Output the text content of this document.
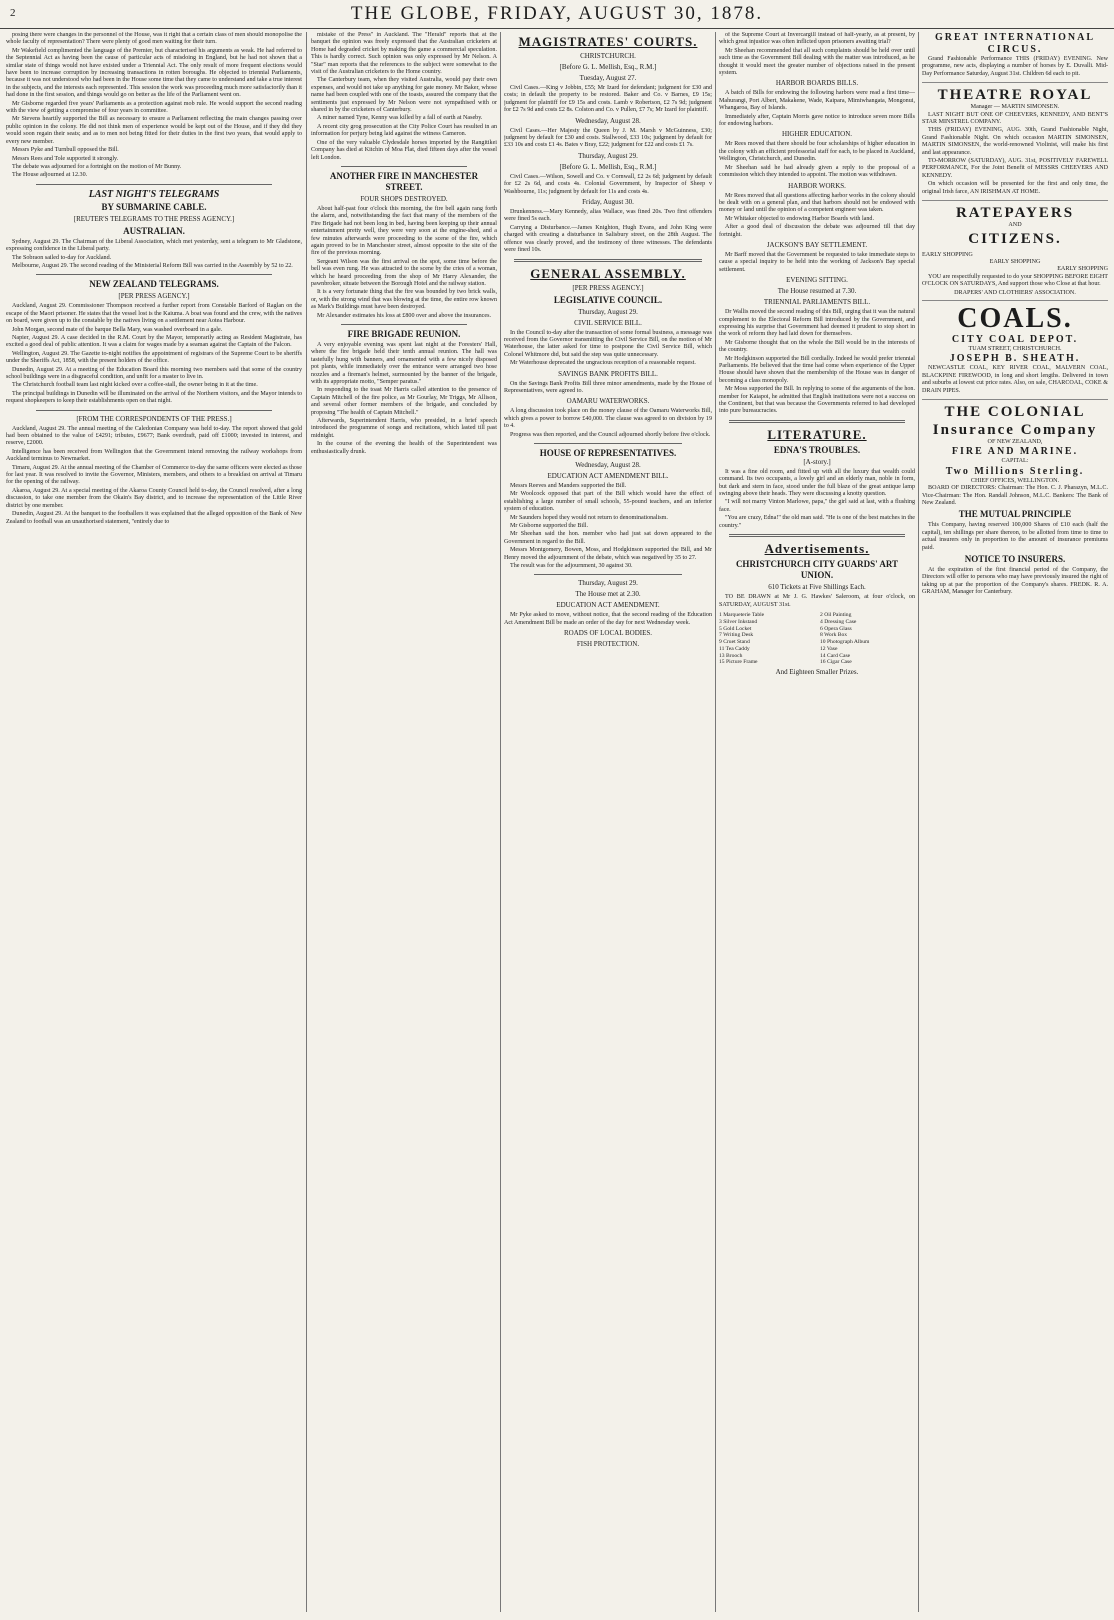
2	THE GLOBE, FRIDAY, AUGUST 30, 1878.

posing there were changes in the personnel of the House, was it right that a certain class of men should monopolise the whole faculty of representation? There were plenty of good men waiting for their turn.

Mr Wakefield complimented the language of the Premier, but characterised his arguments as weak. He had referred to the Septennial Act as having been the cause of particular acts of misdoing in England, but he had not shown that a similar state of things would not have existed under a Triennial Act. The only result of more frequent elections would have been to increase corruption by increasing transactions in rotten boroughs. He objected to triennial Parliaments, because it was not understood who had been in the House some time that they came to understand and take a true interest in the subjects, and the interests each represented. This session the work was proceeding much more satisfactorily than it had done in the first session, and things would go on better as the life of the Parliament went on.

Mr Gisborne regarded five years' Parliaments as a protection against mob rule. He would support the second reading with the view of getting a compromise of four years in committee.

Mr Stevens heartily supported the Bill as necessary to ensure a Parliament reflecting the main changes passing over public opinion in the colony. He did not think men of experience would be kept out of the House, and if they did they would soon regain their seats; and as to men not being fitted for their duties in the first two years, that would apply to every new member.

Messrs Pyke and Turnbull opposed the Bill.

Messrs Rees and Tole supported it strongly.

The debate was adjourned for a fortnight on the motion of Mr Bunny.

The House adjourned at 12.30.

LAST NIGHT'S TELEGRAMS
BY SUBMARINE CABLE.
[REUTER'S TELEGRAMS TO THE PRESS AGENCY.]
AUSTRALIAN.

Sydney, August 29. The Chairman of the Liberal Association, which met yesterday, sent a telegram to Mr Gladstone, expressing confidence in the Liberal party.

The Sobraon sailed to-day for Auckland.

Melbourne, August 29. The second reading of the Ministerial Reform Bill was carried in the Assembly by 52 to 22.

NEW ZEALAND TELEGRAMS.
[PER PRESS AGENCY.]

Auckland, August 29. Commissioner Thompson received a further report from Constable Barford of Raglan on the escape of the Maori prisoner. He states that the vessel lost is the Kaiuma. A boat was found and the crew, with the natives on board, were given up to the constable by the natives living on a settlement near Aotea Harbour.

John Morgan, second mate of the barque Bella Mary, was washed overboard in a gale.

Napier, August 29. A case decided in the R.M. Court by the Mayor, temporarily acting as Resident Magistrate, has excited a good deal of public attention. It was a claim for wages made by a seaman against the Captain of the Falcon.

Wellington, August 29. The Gazette to-night notifies the appointment of registrars of the Supreme Court to be sheriffs under the Sheriffs Act, 1858, with the present holders of the office.

Dunedin, August 29. At a meeting of the Education Board this morning two members said that some of the country school buildings were in a disgraceful condition, and unfit for a master to live in.

The Christchurch football team last night kicked over a coffee-stall, the owner being in it at the time.

The principal buildings in Dunedin will be illuminated on the arrival of the Northern visitors, and the Mayor intends to request shopkeepers to keep their establishments open on that night.

[FROM THE CORRESPONDENTS OF THE PRESS.]

Auckland, August 29. The annual meeting of the Caledonian Company was held to-day. The report showed that gold had been obtained to the value of £4291; tributes, £9677; Bank overdraft, paid off £1000; invested in interest, and reserve, £2000.

Intelligence has been received from Wellington that the Government intend removing the railway workshops from Auckland terminus to Newmarket.

Timaru, August 29. At the annual meeting of the Chamber of Commerce to-day the same officers were elected as those for last year. It was resolved to invite the Governor, Ministers, members, and others to a breakfast on arrival at Timaru for the opening of the railway.

Akaroa, August 29. At a special meeting of the Akaroa County Council held to-day, the Council resolved, after a long discussion, to take one member from the Okain's Bay district, and to increase the representation of the Little River district by one member.

Dunedin, August 29. At the banquet to the footballers it was explained that the alleged opposition of the Bank of New Zealand to football was an unauthorised statement, "entirely due to

mistake of the Press" in Auckland. The "Herald" reports that at the banquet the opinion was freely expressed that the Australian cricketers at Home had degraded cricket by making the game a commercial speculation. This is hardly correct. Such opinion was only expressed by Mr Nelson. A "Star" man reports that the references to the subject were somewhat to the visit of the Australian cricketers to the Home country.

The Canterbury team, when they visited Australia, would pay their own expenses, and would not take up anything for gate money. Mr Baker, whose name had been coupled with one of the toasts, assured the company that the sentiments just expressed by Mr Nelson were not sympathised with or shared in by the cricketers of Canterbury.

A miner named Tyne, Kenny was killed by a fall of earth at Naseby.

A recent city grog prosecution at the City Police Court has resulted in an information for perjury being laid against the witness Cameron.

One of the very valuable Clydesdale horses imported by the Rangitikei Company has died at Kitchin of Moa Flat, died fifteen days after the vessel left London.

ANOTHER FIRE IN MANCHESTER STREET.
FOUR SHOPS DESTROYED.

About half-past four o'clock this morning, the fire bell again rang forth the alarm, and, notwithstanding the fact that many of the members of the Fire Brigade had not been long in bed, having been keeping up their annual entertainment pretty well, they were very soon at the engine-shed, and a few minutes afterwards were proceeding to the scene of the fire, which again proved to be in Manchester street, almost opposite to the site of the fire of the previous morning.

Sergeant Wilson was the first arrival on the spot, some time before the bell was even rung. He was attracted to the scene by the cries of a woman, which he heard proceeding from the shop of Mr Harry Alexander, the pawnbroker, situate between the Borough Hotel and the railway station.

It is a very fortunate thing that the fire was bounded by two brick walls, or, with the strong wind that was blowing at the time, the entire row known as Mark's Buildings must have been destroyed.

Mr Alexander estimates his loss at £800 over and above the insurances.

FIRE BRIGADE REUNION.

A very enjoyable evening was spent last night at the Foresters' Hall, where the fire brigade held their tenth annual reunion. The hall was tastefully hung with banners, and ornamented with a few nicely disposed pot plants, while immediately over the entrance were arranged two hose nozzles and a fireman's helmet, surmounted by the banner of the brigade, with its appropriate motto, "Semper paratus."

In responding to the toast Mr Harris called attention to the presence of Captain Mitchell of the fire police, as Mr Gourlay, Mr Triggs, Mr Allison, and several other former members of the brigade, and concluded by proposing "The health of Captain Mitchell."

Afterwards, Superintendent Harris, who presided, in a brief speech introduced the programme of songs and recitations, which lasted till past midnight.

In the course of the evening the health of the Superintendent was enthusiastically drunk.

MAGISTRATES' COURTS.
CHRISTCHURCH.
[Before G. L. Mellish, Esq., R.M.]
Tuesday, August 27.

Civil Cases.—King v Jobbin, £55; Mr Izard for defendant; judgment for £30 and costs; in default the property to be restored. Baker and Co. v Barnes, £9 15s; judgment for plaintiff for £9 15s and costs. Lamb v Robertson, £2 7s 9d; judgment for £2 7s 9d and costs £2 8s. Colston and Co. v Pullen, £7 7s; Mr Izard for plaintiff.

Wednesday, August 28.

Civil Cases.—Her Majesty the Queen by J. M. Marsh v McGuinness, £30; judgment by default for £30 and costs. Stallwood, £33 10s; judgment by default for £33 10s and costs £1 4s. Bates v Bray, £22; judgment for £22 and costs £1 7s.

Thursday, August 29.
[Before G. L. Mellish, Esq., R.M.]

Civil Cases.—Wilson, Sowell and Co. v Cornwall, £2 2s 6d; judgment by default for £2 2s 6d, and costs 4s. Colonial Government, by Inspector of Sheep v Washbourne, 11s; judgment by default for 11s and costs 4s.

Friday, August 30.

Drunkenness.—Mary Kennedy, alias Wallace, was fined 20s. Two first offenders were fined 5s each.

Carrying a Disturbance.—James Knighton, Hugh Evans, and John King were charged with creating a disturbance in Salisbury street, on the 28th August. The offence was clearly proved, and the testimony of three witnesses. The defendants were fined 10s.

GENERAL ASSEMBLY.
[PER PRESS AGENCY.]
LEGISLATIVE COUNCIL.
Thursday, August 29.
CIVIL SERVICE BILL.

In the Council to-day after the transaction of some formal business, a message was received from the Governor transmitting the Civil Service Bill, on the motion of Mr Waterhouse, the latter asked for time to postpone the Civil Service Bill, which Colonel Whitmore did, but said the step was quite unnecessary.

Mr Waterhouse deprecated the ungracious reception of a reasonable request.

SAVINGS BANK PROFITS BILL.

On the Savings Bank Profits Bill three minor amendments, made by the House of Representatives, were agreed to.

OAMARU WATERWORKS.

A long discussion took place on the money clause of the Oamaru Waterworks Bill, which gives a power to borrow £40,000. The clause was agreed to on division by 19 to 4.

Progress was then reported, and the Council adjourned shortly before five o'clock.

HOUSE OF REPRESENTATIVES.
Wednesday, August 28.
EDUCATION ACT AMENDMENT BILL.

Messrs Reeves and Manders supported the Bill.

Mr Woolcock opposed that part of the Bill which would have the effect of establishing a large number of small schools, 55-pound teachers, and an inferior system of education.

Mr Saunders hoped they would not return to denominationalism.

Mr Gisborne supported the Bill.

Mr Sheehan said the hon. member who had just sat down appeared to the Government in regard to the Bill.

Messrs Montgomery, Bowen, Moss, and Hodgkinson supported the Bill, and Mr Henry moved the adjournment of the debate, which was negatived by 35 to 27.

The result was for the adjournment, 30 against 30.

Thursday, August 29.
The House met at 2.30.
EDUCATION ACT AMENDMENT.

Mr Pyke asked to move, without notice, that the second reading of the Education Act Amendment Bill be made an order of the day for next Wednesday week.

ROADS OF LOCAL BODIES.
FISH PROTECTION.

of the Supreme Court at Invercargill instead of half-yearly, as at present, by which great injustice was often inflicted upon prisoners awaiting trial?

Mr Sheehan recommended that all such complaints should be held over until such time as the Government Bill dealing with the matter was introduced, as he thought it would meet the greater number of objections raised in the present system.

HARBOR BOARDS BILLS.

A batch of Bills for endowing the following harbors were read a first time—Mahurangi, Port Albert, Makakene, Wade, Kaipara, Mimiwhangata, Mongonui, Whangaroa, Bay of Islands.

Immediately after, Captain Morris gave notice to introduce seven more Bills for endowing harbors.

HIGHER EDUCATION.

Mr Rees moved that there should be four scholarships of higher education in the colony with an efficient professorial staff for each, to be placed in Auckland, Wellington, Christchurch, and Dunedin.

Mr Sheehan said he had already given a reply to the proposal of a commission which they intended to appoint. The motion was withdrawn.

HARBOR WORKS.

Mr Rees moved that all questions affecting harbor works in the colony should be dealt with on a general plan, and that harbors should not be endowed with money or land until the opinion of a competent engineer was taken.

Mr Whitaker objected to endowing Harbor Boards with land.

After a good deal of discussion the debate was adjourned till that day fortnight.

JACKSON'S BAY SETTLEMENT.

Mr Barff moved that the Government be requested to take immediate steps to cause a special inquiry to be held into the working of Jackson's Bay special settlement.

EVENING SITTING.
The House resumed at 7.30.
TRIENNIAL PARLIAMENTS BILL.

Dr Wallis moved the second reading of this Bill, urging that it was the natural complement to the Electoral Reform Bill introduced by the Government, and expressing his surprise that Government had deemed it prudent to stop short in the work of reform they had laid down for themselves.

Mr Gisborne thought that on the whole the Bill would be in the interests of the country.

Mr Hodgkinson supported the Bill cordially. Indeed he would prefer triennial Parliaments. He believed that the time had come when experience of the Upper House should have shown that the membership of the House was in danger of becoming a class monopoly.

Mr Moss supported the Bill. In replying to some of the arguments of the hon. member for Kaiapoi, he admitted that English institutions were not a success on the Continent, but that was because the Governments referred to had developed into pure bureaucracies.

LITERATURE.
EDNA'S TROUBLES.
[A-story.]

It was a fine old room, and fitted up with all the luxury that wealth could command. Its two occupants, a lovely girl and an elderly man, noble in form, but dark and stern in face, stood under the full blaze of the great antique lamp swinging above their heads. They were discussing a knotty question.

"I will not marry Vinton Marlowe, papa," the girl said at last, with a flushing face.

"You are crazy, Edna!" the old man said. "He is one of the best matches in the country."

Advertisements.
CHRISTCHURCH CITY GUARDS' ART UNION.
610 Tickets at Five Shillings Each.

TO BE DRAWN at Mr J. G. Hawkes' Saleroom, at four o'clock, on SATURDAY, AUGUST 31st.

1 Marqueterie Table	2 Oil Painting
3 Silver Inkstand	4 Dressing Case
5 Gold Locket	6 Opera Glass
7 Writing Desk	8 Work Box
9 Cruet Stand	10 Photograph Album
11 Tea Caddy	12 Vase
13 Brooch	14 Card Case
15 Picture Frame	16 Cigar Case
And Eighteen Smaller Prizes.
GREAT INTERNATIONAL CIRCUS.

Grand Fashionable Performance THIS (FRIDAY) EVENING. New programme, new acts, displaying a number of horses by E. Duvalli. Mid-Day Performance Saturday, August 31st. Children 6d each to pit.

THEATRE ROYAL
Manager — MARTIN SIMONSEN.

LAST NIGHT BUT ONE OF CHEEVERS, KENNEDY, AND BENT'S STAR MINSTREL COMPANY.

THIS (FRIDAY) EVENING, AUG. 30th, Grand Fashionable Night, Grand Fashionable Night. On which occasion MARTIN SIMONSEN, MARTIN SIMONSEN, the world-renowned Violinist, will make his first and last appearance.

TO-MORROW (SATURDAY), AUG. 31st, POSITIVELY FAREWELL PERFORMANCE, For the Joint Benefit of MESSRS CHEEVERS AND KENNEDY.

On which occasion will be presented for the first and only time, the original Irish farce, AN IRISHMAN AT HOME.

RATEPAYERS
AND
CITIZENS.
EARLY SHOPPING
EARLY SHOPPING
EARLY SHOPPING

YOU are respectfully requested to do your SHOPPING BEFORE EIGHT O'CLOCK ON SATURDAYS, And support those who Close at that hour.

DRAPERS' AND CLOTHIERS' ASSOCIATION.
COALS.
CITY COAL DEPOT.
TUAM STREET, CHRISTCHURCH.
JOSEPH B. SHEATH.

NEWCASTLE COAL, KEY RIVER COAL, MALVERN COAL, BLACKPINE FIREWOOD, in long and short lengths. Delivered in town and suburbs at lowest cut price rates. Also, on sale, CHARCOAL, COKE & DRAIN PIPES.

THE COLONIAL
Insurance Company
OF NEW ZEALAND,
FIRE AND MARINE.
CAPITAL:
Two Millions Sterling.
CHIEF OFFICES, WELLINGTON.

BOARD OF DIRECTORS: Chairman: The Hon. C. J. Pharazyn, M.L.C. Vice-Chairman: The Hon. Randall Johnson, M.L.C. Bankers: The Bank of New Zealand.

THE MUTUAL PRINCIPLE

This Company, having reserved 100,000 Shares of £10 each (half the capital), ten shillings per share thereon, to be allotted from time to time to actual insurers only in proportion to the amount of insurance premiums paid.

NOTICE TO INSURERS.

At the expiration of the first financial period of the Company, the Directors will offer to persons who may have previously insured the right of taking up at par the proportion of the Company's shares. FREDK. R. A. GRAHAM, Manager for Canterbury.
